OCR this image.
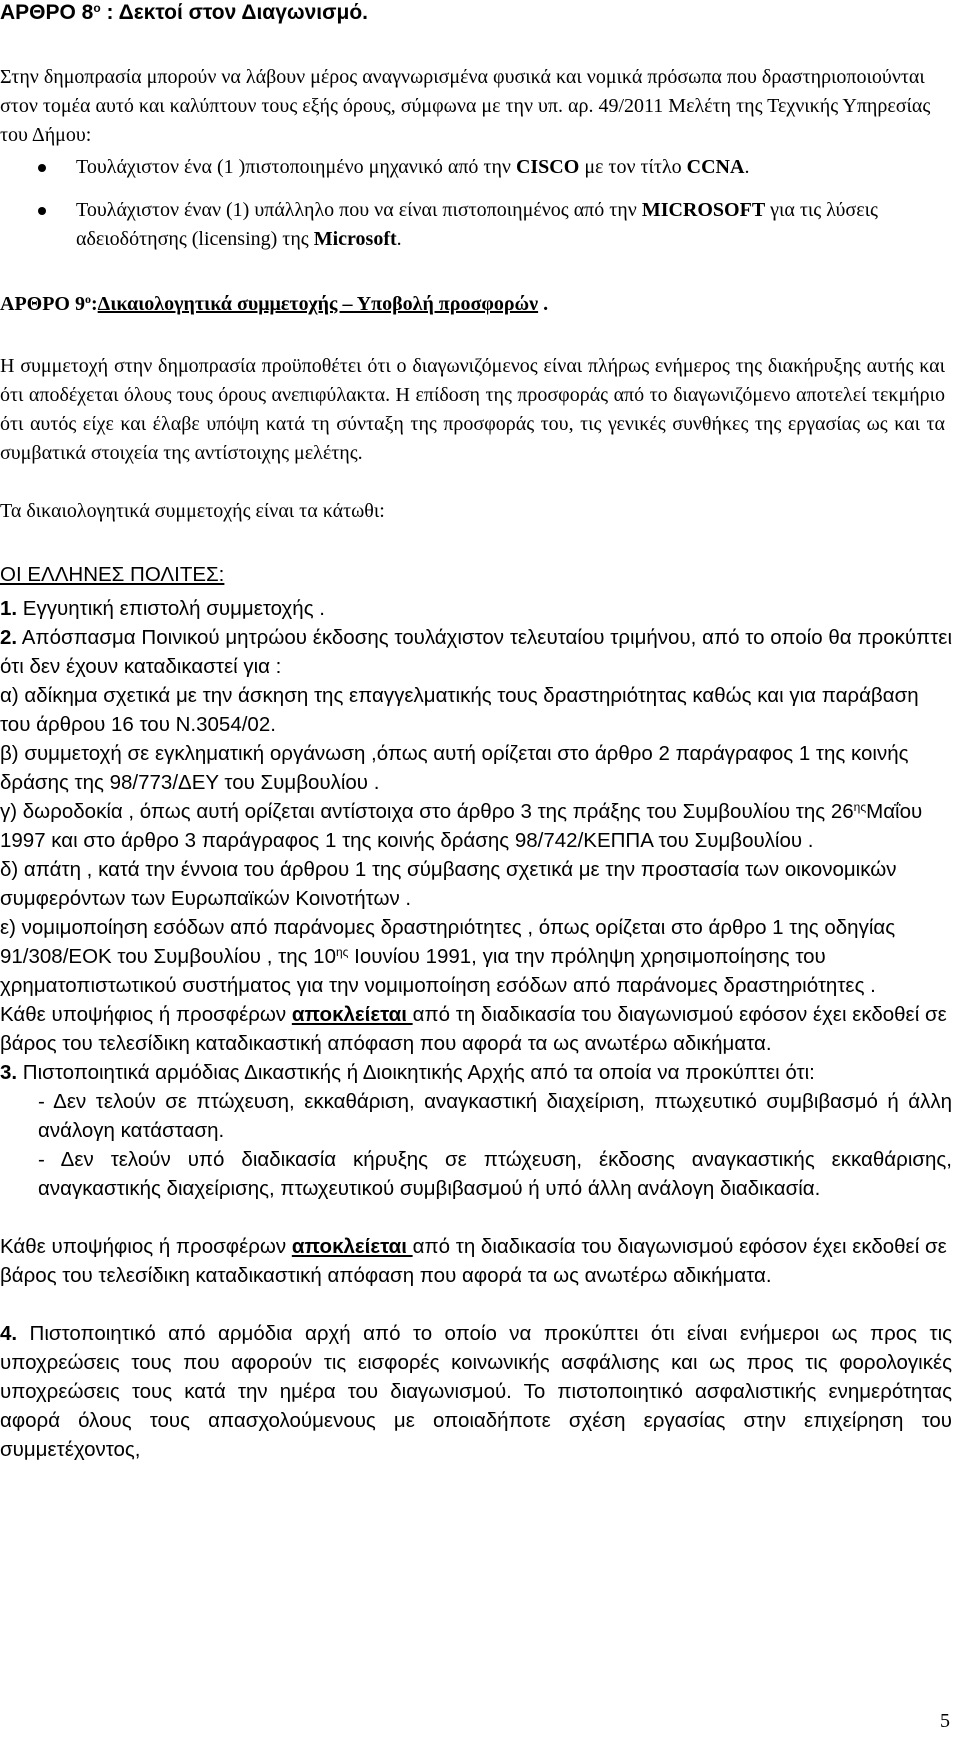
ΑΡΘΡΟ $8^o$ : Δεκτοί στον Διαγωνισμό.

Στην δημοπρασία μπορούν να λάβουν μέρος αναγνωρισμένα φυσικά και νομικά πρόσωπα που δραστηριοποιούνται στον τομέα αυτό και καλύπτουν τους εξής όρους, σύμφωνα με την υπ. αρ. 49/2011 Μελέτη της Τεχνικής Υπηρεσίας του Δήμου:

Τουλάχιστον ένα (1 )πιστοποιημένο μηχανικό από την CISCO με τον τίτλο CCNA.
Τουλάχιστον έναν (1) υπάλληλο που να είναι πιστοποιημένος από την MICROSOFT για τις λύσεις αδειοδότησης (licensing) της Microsoft.

ΑΡΘΡΟ $9^o:\Delta\iota\kappa\alpha\iota o\lambda o\gamma\eta\tau\iota\kappa ά$ συμμετοχής – Υποβολή προσφορών .

Η συμμετοχή στην δημοπρασία προϋποθέτει ότι ο διαγωνιζόμενος είναι πλήρως ενήμερος της διακήρυξης αυτής και ότι αποδέχεται όλους τους όρους ανεπιφύλακτα. Η επίδοση της προσφοράς από το διαγωνιζόμενο αποτελεί τεκμήριο ότι αυτός είχε και έλαβε υπόψη κατά τη σύνταξη της προσφοράς του, τις γενικές συνθήκες της εργασίας ως και τα συμβατικά στοιχεία της αντίστοιχης μελέτης.

Τα δικαιολογητικά συμμετοχής είναι τα κάτωθι:

ΟΙ ΕΛΛΗΝΕΣ ΠΟΛΙΤΕΣ:

1. Εγγυητική επιστολή συμμετοχής .
2. Απόσπασμα Ποινικού μητρώου έκδοσης τουλάχιστον τελευταίου τριμήνου, από το οποίο θα προκύπτει ότι δεν έχουν καταδικαστεί για :
α) αδίκημα σχετικά με την άσκηση της επαγγελματικής τους δραστηριότητας καθώς και για παράβαση του άρθρου 16 του Ν.3054/02.
β) συμμετοχή σε εγκληματική οργάνωση ,όπως αυτή ορίζεται στο άρθρο 2 παράγραφος 1 της κοινής δράσης της 98/773/ΔΕΥ του Συμβουλίου .
γ) δωροδοκία , όπως αυτή ορίζεται αντίστοιχα στο άρθρο 3 της πράξης του Συμβουλίου της $26^{\eta\varsigma}M\alpha ΐo\upsilon$ 1997 και στο άρθρο 3 παράγραφος 1 της κοινής δράσης 98/742/ΚΕΠΠΑ του Συμβουλίου .
δ) απάτη , κατά την έννοια του άρθρου 1 της σύμβασης σχετικά με την προστασία των οικονομικών συμφερόντων των Ευρωπαϊκών Κοινοτήτων .
ε) νομιμοποίηση εσόδων από παράνομες δραστηριότητες , όπως ορίζεται στο άρθρο 1 της οδηγίας 91/308/ΕΟΚ του Συμβουλίου , της $10^{\eta\varsigma}$ Ιουνίου 1991, για την πρόληψη χρησιμοποίησης του χρηματοπιστωτικού συστήματος για την νομιμοποίηση εσόδων από παράνομες δραστηριότητες .
Κάθε υποψήφιος ή προσφέρων αποκλείεται από τη διαδικασία του διαγωνισμού εφόσον έχει εκδοθεί σε βάρος του τελεσίδικη καταδικαστική απόφαση που αφορά τα ως ανωτέρω αδικήματα.
3. Πιστοποιητικά αρμόδιας Δικαστικής ή Διοικητικής Αρχής από τα οποία να προκύπτει ότι:
- Δεν τελούν σε πτώχευση, εκκαθάριση, αναγκαστική διαχείριση, πτωχευτικό συμβιβασμό ή άλλη ανάλογη κατάσταση.
- Δεν τελούν υπό διαδικασία κήρυξης σε πτώχευση, έκδοσης αναγκαστικής εκκαθάρισης, αναγκαστικής διαχείρισης, πτωχευτικού συμβιβασμού ή υπό άλλη ανάλογη διαδικασία.
Κάθε υποψήφιος ή προσφέρων αποκλείεται από τη διαδικασία του διαγωνισμού εφόσον έχει εκδοθεί σε βάρος του τελεσίδικη καταδικαστική απόφαση που αφορά τα ως ανωτέρω αδικήματα.
4. Πιστοποιητικό από αρμόδια αρχή από το οποίο να προκύπτει ότι είναι ενήμεροι ως προς τις υποχρεώσεις τους που αφορούν τις εισφορές κοινωνικής ασφάλισης και ως προς τις φορολογικές υποχρεώσεις τους κατά την ημέρα του διαγωνισμού. Το πιστοποιητικό ασφαλιστικής ενημερότητας αφορά όλους τους απασχολούμενους με οποιαδήποτε σχέση εργασίας στην επιχείρηση του συμμετέχοντος,
5
